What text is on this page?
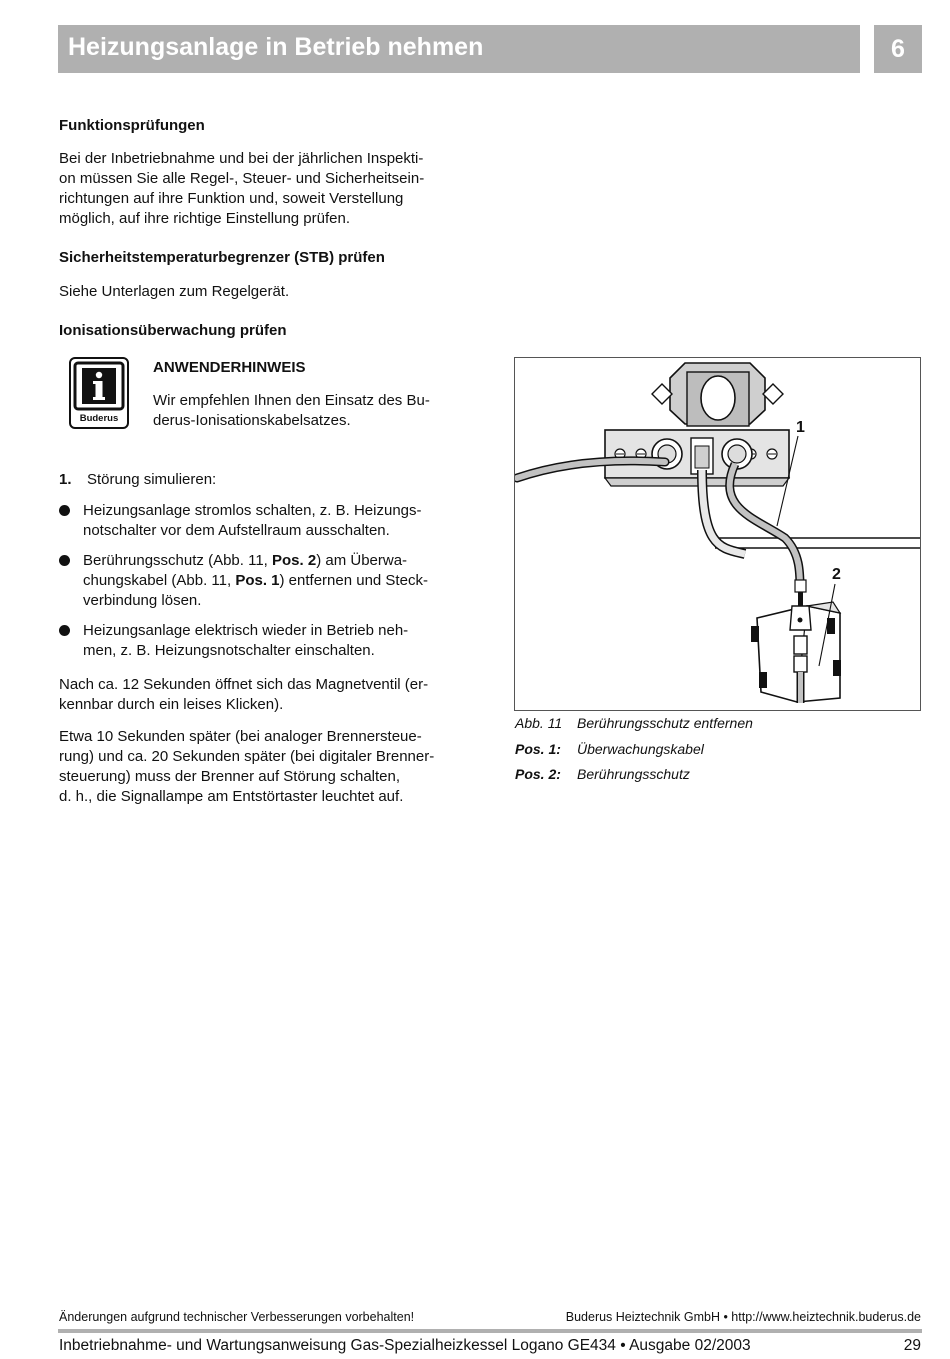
Heizungsanlage in Betrieb nehmen	6
Funktionsprüfungen
Bei der Inbetriebnahme und bei der jährlichen Inspekti-
on müssen Sie alle Regel-, Steuer- und Sicherheitsein-
richtungen auf ihre Funktion und, soweit Verstellung
möglich, auf ihre richtige Einstellung prüfen.
Sicherheitstemperaturbegrenzer (STB) prüfen
Siehe Unterlagen zum Regelgerät.
Ionisationsüberwachung prüfen
Buderus
ANWENDERHINWEIS
Wir empfehlen Ihnen den Einsatz des Bu-
derus-Ionisationskabelsatzes.
1. Störung simulieren:
Heizungsanlage stromlos schalten, z. B. Heizungs-
notschalter vor dem Aufstellraum ausschalten.
Berührungsschutz (Abb. 11, Pos. 2) am Überwa-
chungskabel (Abb. 11, Pos. 1) entfernen und Steck-
verbindung lösen.
Heizungsanlage elektrisch wieder in Betrieb neh-
men, z. B. Heizungsnotschalter einschalten.
Nach ca. 12 Sekunden öffnet sich das Magnetventil (er-
kennbar durch ein leises Klicken).
Etwa 10 Sekunden später (bei analoger Brennersteue-
rung) und ca. 20 Sekunden später (bei digitaler Brenner-
steuerung) muss der Brenner auf Störung schalten,
d. h., die Signallampe am Entstörtaster leuchtet auf.
1
2
Abb. 11 Berührungsschutz entfernen
Pos. 1: Überwachungskabel
Pos. 2: Berührungsschutz
Änderungen aufgrund technischer Verbesserungen vorbehalten!	Buderus Heiztechnik GmbH • http://www.heiztechnik.buderus.de
Inbetriebnahme- und Wartungsanweisung Gas-Spezialheizkessel Logano GE434 • Ausgabe 02/2003	29
